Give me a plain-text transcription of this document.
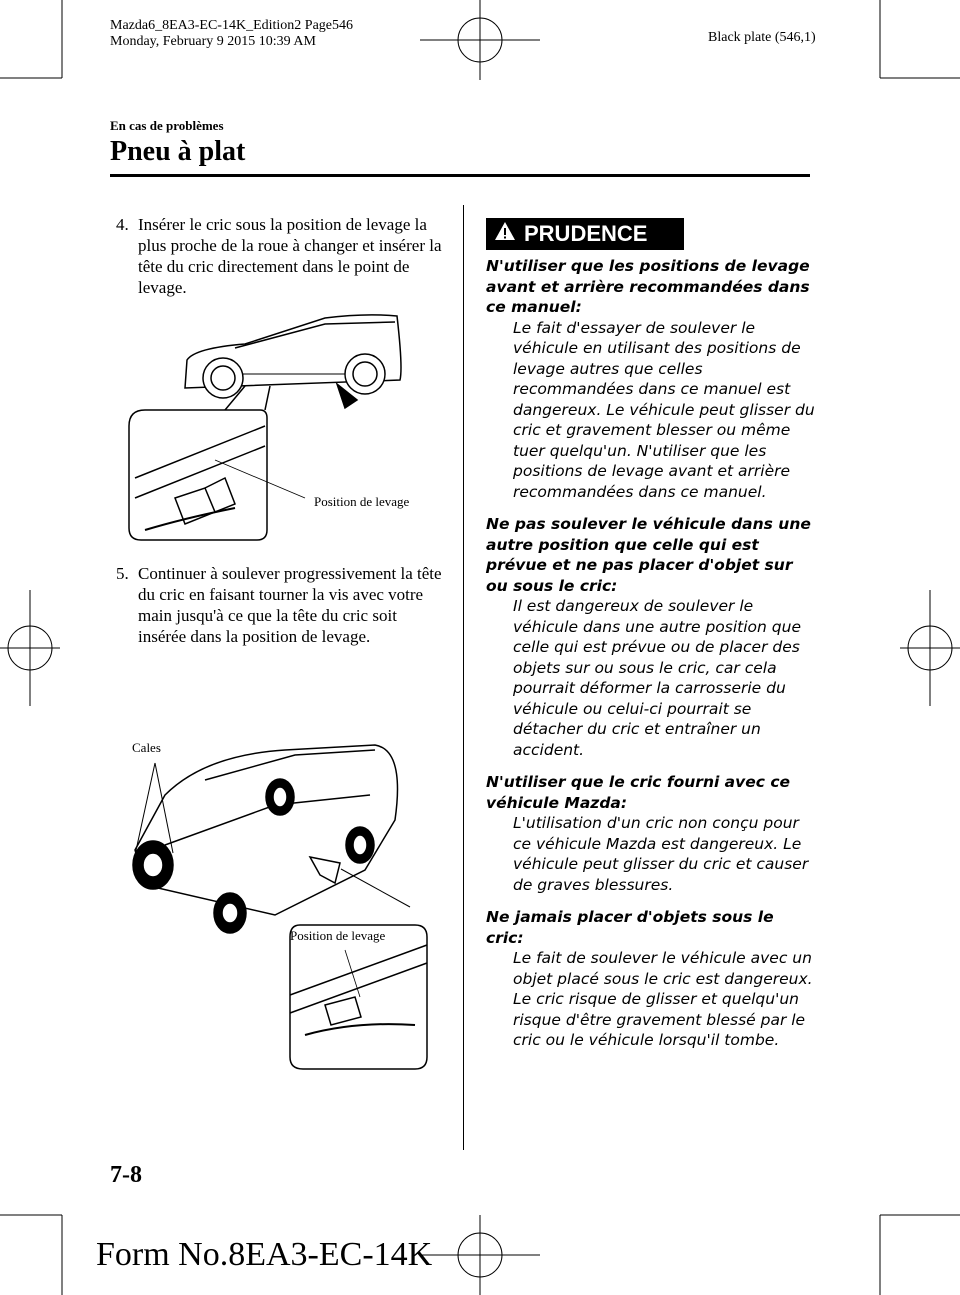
Mazda6_8EA3-EC-14K_Edition2 Page546
Monday, February 9 2015 10:39 AM	Black plate (546,1)
En cas de problèmes
Pneu à plat
4. Insérer le cric sous la position de levage la plus proche de la roue à changer et insérer la tête du cric directement dans le point de levage.
Position de levage
5. Continuer à soulever progressivement la tête du cric en faisant tourner la vis avec votre main jusqu'à ce que la tête du cric soit insérée dans la position de levage.
Cales
Position de levage
PRUDENCE
N'utiliser que les positions de levage avant et arrière recommandées dans ce manuel:
Le fait d'essayer de soulever le véhicule en utilisant des positions de levage autres que celles recommandées dans ce manuel est dangereux. Le véhicule peut glisser du cric et gravement blesser ou même tuer quelqu'un. N'utiliser que les positions de levage avant et arrière recommandées dans ce manuel.
Ne pas soulever le véhicule dans une autre position que celle qui est prévue et ne pas placer d'objet sur ou sous le cric:
Il est dangereux de soulever le véhicule dans une autre position que celle qui est prévue ou de placer des objets sur ou sous le cric, car cela pourrait déformer la carrosserie du véhicule ou celui-ci pourrait se détacher du cric et entraîner un accident.
N'utiliser que le cric fourni avec ce véhicule Mazda:
L'utilisation d'un cric non conçu pour ce véhicule Mazda est dangereux. Le véhicule peut glisser du cric et causer de graves blessures.
Ne jamais placer d'objets sous le cric:
Le fait de soulever le véhicule avec un objet placé sous le cric est dangereux. Le cric risque de glisser et quelqu'un risque d'être gravement blessé par le cric ou le véhicule lorsqu'il tombe.
7-8
Form No.8EA3-EC-14K
